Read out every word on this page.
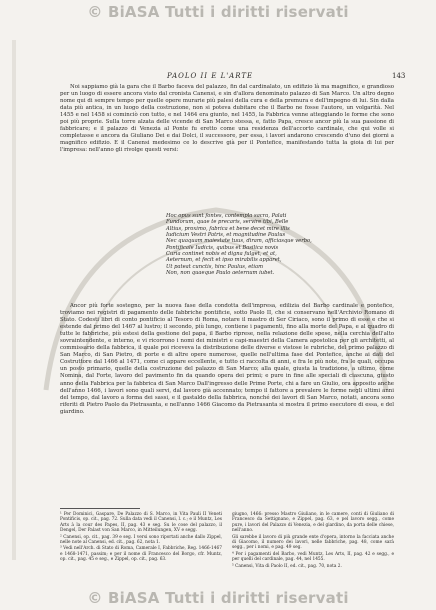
© BiASA Tutti i diritti riservati
PAOLO II E L'ARTE	143

Noi sappiamo già la gara che il Barbo faceva del palazzo, fin dal cardinalato, un edifizio là ma magnifico, e grandioso per un luogo di essere ancora visto dal cronista Canensi, e sin d'allora denominato palazzo di San Marco. Un altro degno nome qui di sempre tempo per quelle opere murarie più palesi della cura e della premura e dell'impegno di lui. Sin dalla data più antica, in un luogo della costruzione, non si poteva dubitare che il Barbo ne fosse l'autore, un volgarità. Nel 1455 e nel 1458 si cominciò con tutto, e nel 1464 era giunto, nel 1455, la Fabbrica venne atteggiando le forme che sono poi più proprie. Sulla torre alzata delle vicende di San Marco stessa, e, fatto Papa, cresce ancor più la sua passione di fabbricare; e il palazzo di Venezia al Ponte fu eretto come una residenza dell'accorto cardinale, che qui volle si completasse e ancora da Giuliano Dei e dai Dolci, il successore, per essa, i lavori andarono crescendo d'uno dei giorni a magnifico edifizio. E il Canensi medesimo ce lo descrive già per il Pontefice, manifestando tutta la gioia di lui per l'impresa: nell'anno gli rivolge questi versi:

Hoc opus sunt fontes, contempla sacra, Palati
Fundorum, quae te precaris, servire tibi, Belle
Altius, proximo, fabrica et bene decet mire illis
Iudicium Vestri Patris, et magnitudine Paulus
Nec quaquam maiestate tuus, diram, afficiasque verbo,
Pontificale Iudicis, quibus et Basilica novis
Curia continet nobis et digna fulget, et at,
Aeternum, et fecit et ipso mirabilis apparet,
Ut pateat cunctis, hinc Paulus, etiam
Non, non quaeque Paulo aeternum iubet.

Ancor più forte sostegno, per la nuova fase della condotta dell'impresa, edilizia del Barbo cardinale e pontefice, troviamo nei registri di pagamento delle fabbriche pontificie, sotto Paolo II, che si conservano nell'Archivio Romano di Stato. Codesti libri di conto pontificio al Tesoro di Roma, notare il mastro di Ser Ciriaco, sono il primo di esse e che si estende dal primo del 1467 al lustro; il secondo, più lungo, contiene i pagamenti, fino alla morte del Papa, e al quadro di tutte le fabbriche, più estesi della gestione del papa, il Barbo riprese, nella relazione delle spese, nella cerchia dell'alto sovraintendente, e interno, e vi ricorrono i nomi dei ministri e capi-maestri della Camera apostolica per gli architetti, al commissario della fabbrica, il quale poi riceveva la distribuzione delle diverse e vistose le rubriche, del primo palazzo di San Marco, di San Pietro, di porte e di altre opere numerose, quelle nell'ultima fase del Pontefice, anche ai dati del Costruttore dal 1466 al 1471, come ci appare eccellente, e tutto ci raccolta di anni, e fra le più note, fra le quali, occupa un posto primario, quelle della costruzione del palazzo di San Marco; alla quale, giusta la tradizione, a ultimo, come Nomina, dal Forte, lavoro del pavimento fin da quando opera dei primi; e pure in fine alle speciali di ciascuna, giusto anno della Fabbrica per la fabbrica di San Marco Dall'ingresso delle Prime Porte, chi a fare un Giulio, ora apposito anche dell'anno 1466, i lavori sono quali servi, dal lavoro già accennato; tempo il fattore a prevalere le forme negli ultimi anni del tempo, dal lavoro a forma dei sassi, e il gastaldo della fabbrica, nonché dei lavori di San Marco, notati, ancora sono riferiti di Pietro Paolo da Pietrasanta, e nell'anno 1466 Giacomo da Pietrasanta si mostra il primo esecutore di essa, e del giardino.

¹ Per Dominici, Gaspare, De Palazzo di S. Marco, in Vita Pauli II Veneti Pontificis, op. cit., pag. 72. Sulla data vedi il Canensi, l. c.; e il Muntz, Les Arts à la cour des Papes, II, pag. 43 e seg. Su le cose del palazzo, il Dengel, Der Palast von San Marco, in Mitteilungen, XV e segg.
² Canensi, op. cit., pag. 39 e seg. I versi sono riportati anche dallo Zippel, nelle note al Canensi, ed. cit., pag. 62, nota 1.
³ Vedi nell'Arch. di Stato di Roma, Camerale I, Fabbriche, Reg. 1466-1467 e 1468-1471, passim; e per il nome di Francesco del Borgo, cfr. Muntz, op. cit., pag. 45 e seg., e Zippel, op. cit., pag. 63.
giugno, 1466: presso Mastro Giuliano, in le camere, conti di Giuliano di Francesco da Settignano, e Zippel, pag. 63, e pel lavoro segg., come pure, i lavori del Palazzo di Venezia, e del giardino, da porta delle chiese, nell'anno.
Gli sarebbe il lavoro di più grande ente d'opera, intorno la facciata anche di Giacomo, il numero dei lavori, nelle fabbriche, pag. 48, come sarà segg., per i nomi, e pag. 49 seg.
⁴ Per i pagamenti del Barbo, vedi Muntz, Les Arts, II, pag. 42 e segg., e per quelli del cardinale, pag. 44, nel 1455.
⁵ Canensi, Vita di Paolo II, ed. cit., pag. 70, nota 2.
© BiASA Tutti i diritti riservati
